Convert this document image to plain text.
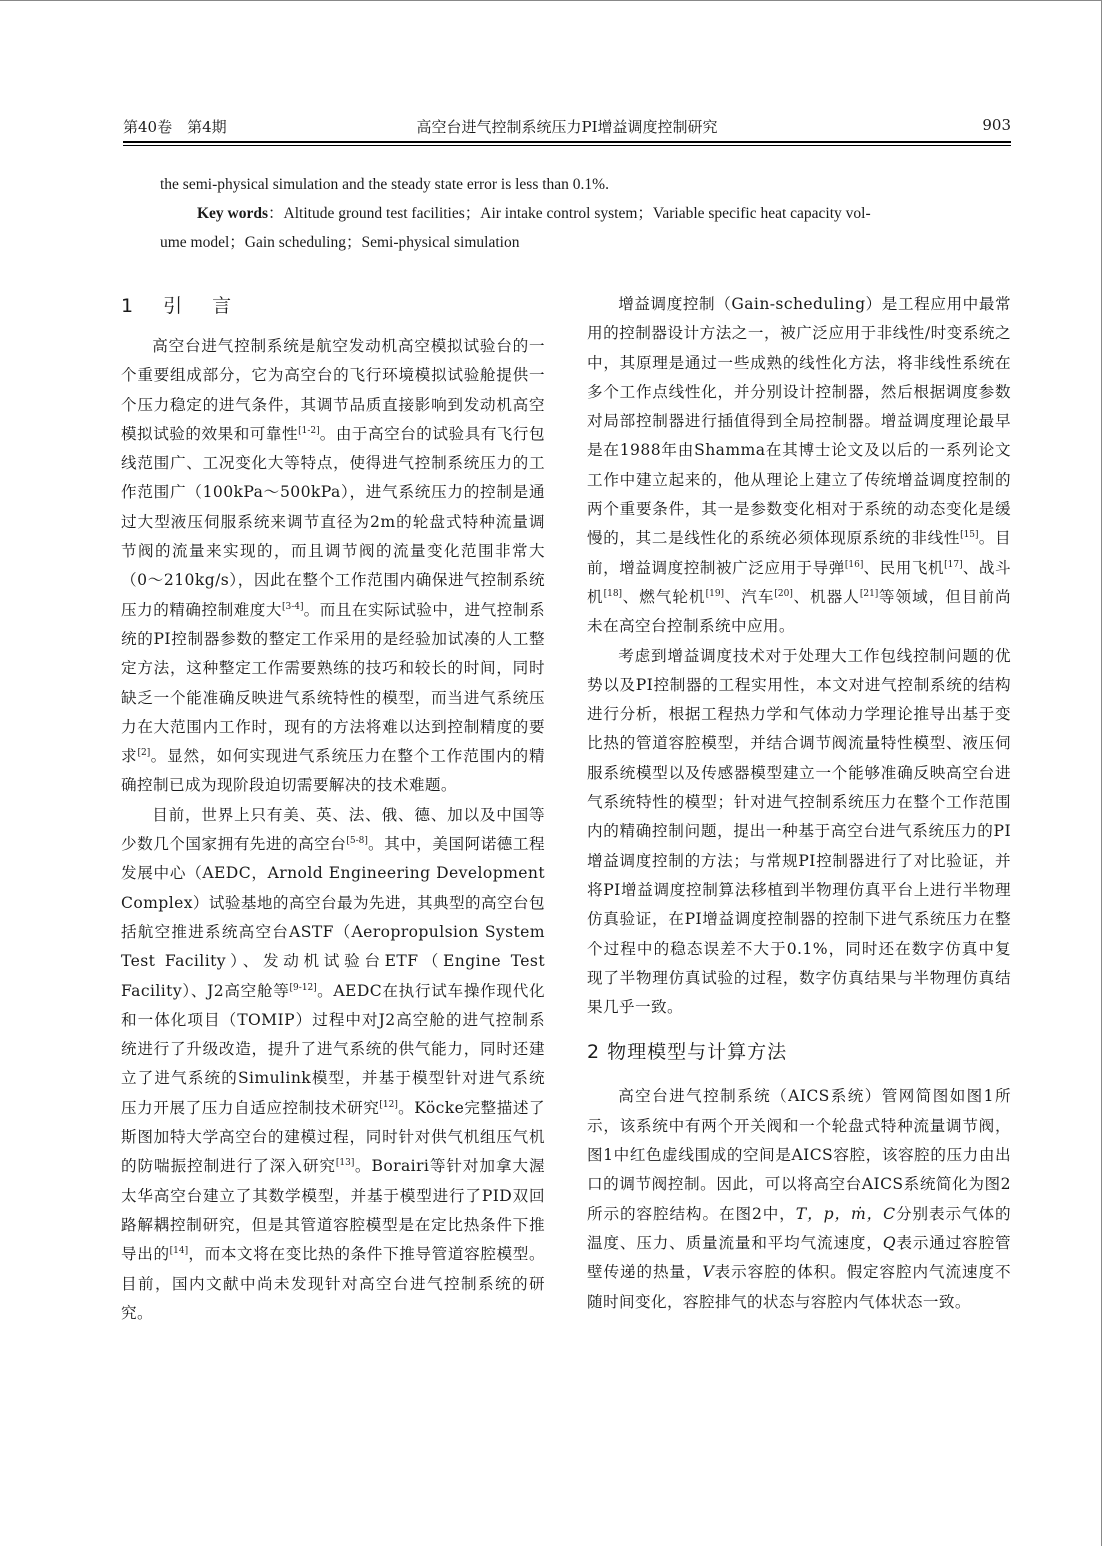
第40卷　第4期	高空台进气控制系统压力PI增益调度控制研究	903
the semi-physical simulation and the steady state error is less than 0.1%.
Key words：Altitude ground test facilities；Air intake control system；Variable specific heat capacity vol-
ume model；Gain scheduling；Semi-physical simulation
1 引 言

高空台进气控制系统是航空发动机高空模拟试验台的一个重要组成部分，它为高空台的飞行环境模拟试验舱提供一个压力稳定的进气条件，其调节品质直接影响到发动机高空模拟试验的效果和可靠性[1-2]。由于高空台的试验具有飞行包线范围广、工况变化大等特点，使得进气控制系统压力的工作范围广（100kPa～500kPa），进气系统压力的控制是通过大型液压伺服系统来调节直径为2m的轮盘式特种流量调节阀的流量来实现的，而且调节阀的流量变化范围非常大（0～210kg/s），因此在整个工作范围内确保进气控制系统压力的精确控制难度大[3-4]。而且在实际试验中，进气控制系统的PI控制器参数的整定工作采用的是经验加试凑的人工整定方法，这种整定工作需要熟练的技巧和较长的时间，同时缺乏一个能准确反映进气系统特性的模型，而当进气系统压力在大范围内工作时，现有的方法将难以达到控制精度的要求[2]。显然，如何实现进气系统压力在整个工作范围内的精确控制已成为现阶段迫切需要解决的技术难题。

目前，世界上只有美、英、法、俄、德、加以及中国等少数几个国家拥有先进的高空台[5-8]。其中，美国阿诺德工程发展中心（AEDC，Arnold Engineering Development Complex）试验基地的高空台最为先进，其典型的高空台包括航空推进系统高空台ASTF（Aeropropulsion System Test Facility）、发动机试验台ETF（Engine Test Facility）、J2高空舱等[9-12]。AEDC在执行试车操作现代化和一体化项目（TOMIP）过程中对J2高空舱的进气控制系统进行了升级改造，提升了进气系统的供气能力，同时还建立了进气系统的Simulink模型，并基于模型针对进气系统压力开展了压力自适应控制技术研究[12]。Köcke完整描述了斯图加特大学高空台的建模过程，同时针对供气机组压气机的防喘振控制进行了深入研究[13]。Borairi等针对加拿大渥太华高空台建立了其数学模型，并基于模型进行了PID双回路解耦控制研究，但是其管道容腔模型是在定比热条件下推导出的[14]，而本文将在变比热的条件下推导管道容腔模型。目前，国内文献中尚未发现针对高空台进气控制系统的研究。

增益调度控制（Gain-scheduling）是工程应用中最常用的控制器设计方法之一，被广泛应用于非线性/时变系统之中，其原理是通过一些成熟的线性化方法，将非线性系统在多个工作点线性化，并分别设计控制器，然后根据调度参数对局部控制器进行插值得到全局控制器。增益调度理论最早是在1988年由Shamma在其博士论文及以后的一系列论文工作中建立起来的，他从理论上建立了传统增益调度控制的两个重要条件，其一是参数变化相对于系统的动态变化是缓慢的，其二是线性化的系统必须体现原系统的非线性[15]。目前，增益调度控制被广泛应用于导弹[16]、民用飞机[17]、战斗机[18]、燃气轮机[19]、汽车[20]、机器人[21]等领域，但目前尚未在高空台控制系统中应用。

考虑到增益调度技术对于处理大工作包线控制问题的优势以及PI控制器的工程实用性，本文对进气控制系统的结构进行分析，根据工程热力学和气体动力学理论推导出基于变比热的管道容腔模型，并结合调节阀流量特性模型、液压伺服系统模型以及传感器模型建立一个能够准确反映高空台进气系统特性的模型；针对进气控制系统压力在整个工作范围内的精确控制问题，提出一种基于高空台进气系统压力的PI增益调度控制的方法；与常规PI控制器进行了对比验证，并将PI增益调度控制算法移植到半物理仿真平台上进行半物理仿真验证，在PI增益调度控制器的控制下进气系统压力在整个过程中的稳态误差不大于0.1%，同时还在数字仿真中复现了半物理仿真试验的过程，数字仿真结果与半物理仿真结果几乎一致。

2 物理模型与计算方法

高空台进气控制系统（AICS系统）管网简图如图1所示，该系统中有两个开关阀和一个轮盘式特种流量调节阀，图1中红色虚线围成的空间是AICS容腔，该容腔的压力由出口的调节阀控制。因此，可以将高空台AICS系统简化为图2所示的容腔结构。在图2中，T，p，ṁ，C分别表示气体的温度、压力、质量流量和平均气流速度，Q表示通过容腔管壁传递的热量，V表示容腔的体积。假定容腔内气流速度不随时间变化，容腔排气的状态与容腔内气体状态一致。
